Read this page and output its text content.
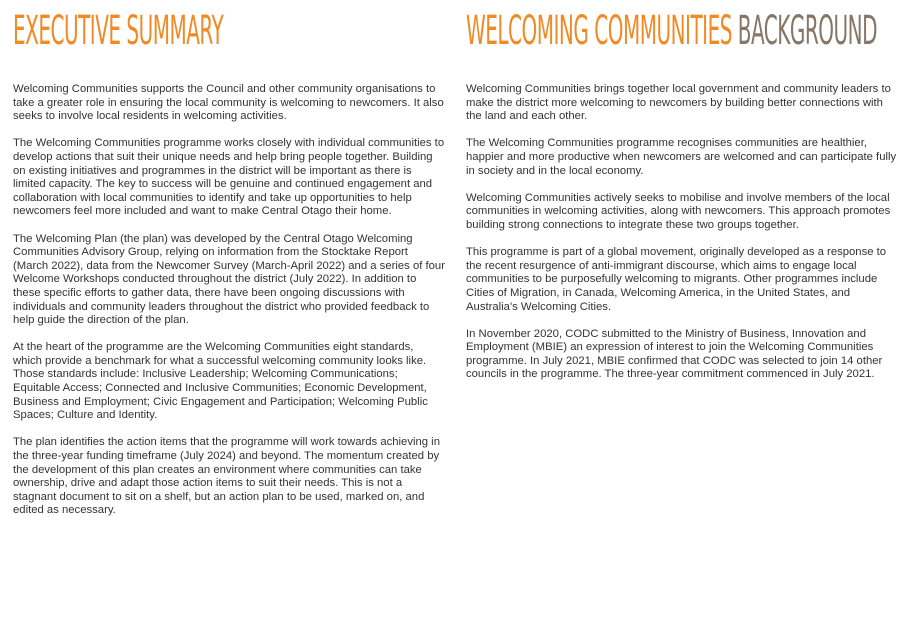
EXECUTIVE SUMMARY

Welcoming Communities supports the Council and other community organisations to take a greater role in ensuring the local community is welcoming to newcomers. It also seeks to involve local residents in welcoming activities.

The Welcoming Communities programme works closely with individual communities to develop actions that suit their unique needs and help bring people together. Building on existing initiatives and programmes in the district will be important as there is limited capacity. The key to success will be genuine and continued engagement and collaboration with local communities to identify and take up opportunities to help newcomers feel more included and want to make Central Otago their home.

The Welcoming Plan (the plan) was developed by the Central Otago Welcoming Communities Advisory Group, relying on information from the Stocktake Report (March 2022), data from the Newcomer Survey (March-April 2022) and a series of four Welcome Workshops conducted throughout the district (July 2022). In addition to these specific efforts to gather data, there have been ongoing discussions with individuals and community leaders throughout the district who provided feedback to help guide the direction of the plan.

At the heart of the programme are the Welcoming Communities eight standards, which provide a benchmark for what a successful welcoming community looks like. Those standards include: Inclusive Leadership; Welcoming Communications; Equitable Access; Connected and Inclusive Communities; Economic Development, Business and Employment; Civic Engagement and Participation; Welcoming Public Spaces; Culture and Identity.

The plan identifies the action items that the programme will work towards achieving in the three-year funding timeframe (July 2024) and beyond. The momentum created by the development of this plan creates an environment where communities can take ownership, drive and adapt those action items to suit their needs. This is not a stagnant document to sit on a shelf, but an action plan to be used, marked on, and edited as necessary.

WELCOMING COMMUNITIES BACKGROUND

Welcoming Communities brings together local government and community leaders to make the district more welcoming to newcomers by building better connections with the land and each other.

The Welcoming Communities programme recognises communities are healthier, happier and more productive when newcomers are welcomed and can participate fully in society and in the local economy.

Welcoming Communities actively seeks to mobilise and involve members of the local communities in welcoming activities, along with newcomers. This approach promotes building strong connections to integrate these two groups together.

This programme is part of a global movement, originally developed as a response to the recent resurgence of anti-immigrant discourse, which aims to engage local communities to be purposefully welcoming to migrants. Other programmes include Cities of Migration, in Canada, Welcoming America, in the United States, and Australia's Welcoming Cities.

In November 2020, CODC submitted to the Ministry of Business, Innovation and Employment (MBIE) an expression of interest to join the Welcoming Communities programme. In July 2021, MBIE confirmed that CODC was selected to join 14 other councils in the programme. The three-year commitment commenced in July 2021.
